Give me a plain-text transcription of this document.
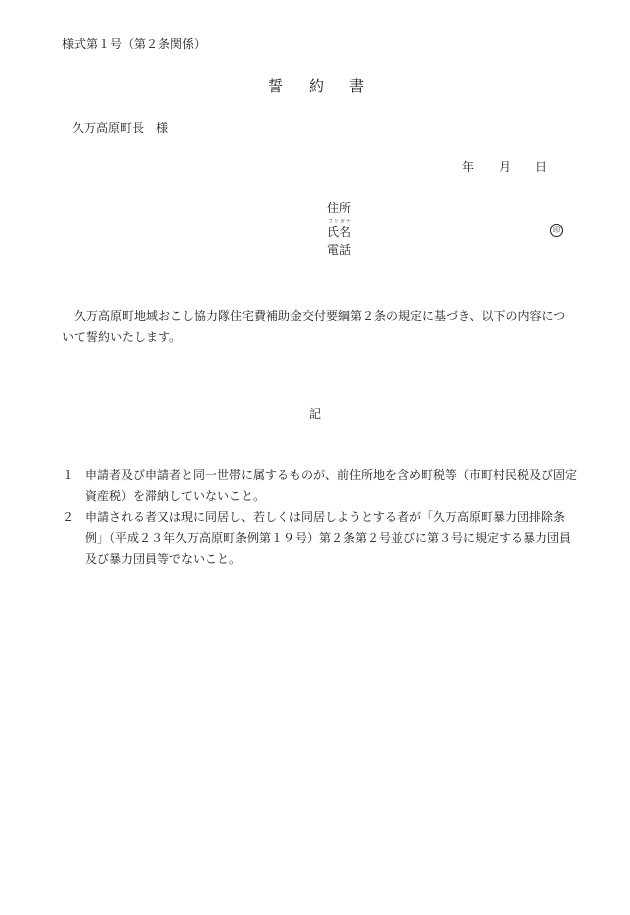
様式第１号（第２条関係）
誓 約 書
久万高原町長　様
年 月 日
住所
フリガナ
氏名	印
電話
久万高原町地域おこし協力隊住宅費補助金交付要綱第２条の規定に基づき、以下の内容について誓約いたします。
記
１ 申請者及び申請者と同一世帯に属するものが、前住所地を含め町税等（市町村民税及び固定資産税）を滞納していないこと。
２ 申請される者又は現に同居し、若しくは同居しようとする者が「久万高原町暴力団排除条例」（平成２３年久万高原町条例第１９号）第２条第２号並びに第３号に規定する暴力団員及び暴力団員等でないこと。
